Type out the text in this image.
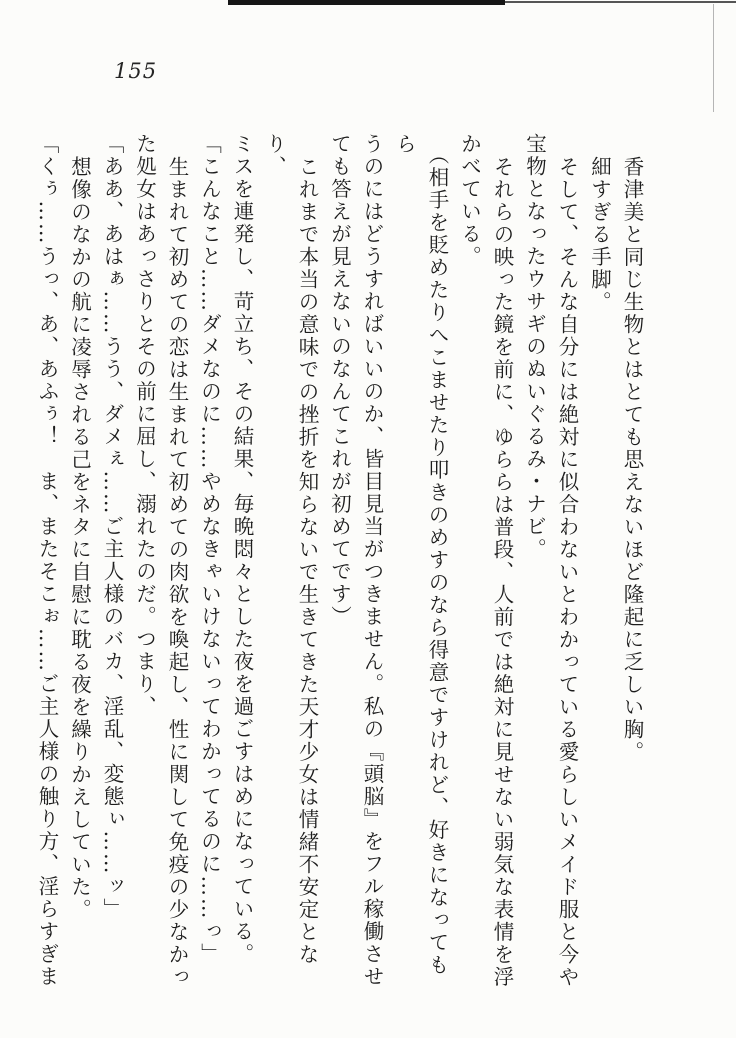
155

香津美と同じ生物とはとても思えないほど隆起に乏しい胸。

細すぎる手脚。

そして、そんな自分には絶対に似合わないとわかっている愛らしいメイド服と今や

宝物となったウサギのぬいぐるみ・ナビ。

それらの映った鏡を前に、ゆららは普段、人前では絶対に見せない弱気な表情を浮

かべている。

（相手を貶めたりへこませたり叩きのめすのなら得意ですけれど、好きになってもら

うのにはどうすればいいのか、皆目見当がつきません。私の『頭脳』をフル稼働させ

ても答えが見えないのなんてこれが初めてです）

これまで本当の意味での挫折を知らないで生きてきた天才少女は情緒不安定となり、

ミスを連発し、苛立ち、その結果、毎晩悶々とした夜を過ごすはめになっている。

「こんなこと……ダメなのに……やめなきゃいけないってわかってるのに……っ」

生まれて初めての恋は生まれて初めての肉欲を喚起し、性に関して免疫の少なかっ

た処女はあっさりとその前に屈し、溺れたのだ。つまり、

「ああ、あはぁ……うう、ダメぇ……ご主人様のバカ、淫乱、変態ぃ……ッ」

想像のなかの航に凌辱される己をネタに自慰に耽る夜を繰りかえしていた。

「くぅ……うっ、あ、あふぅ！　ま、またそこぉ……ご主人様の触り方、淫らすぎま
